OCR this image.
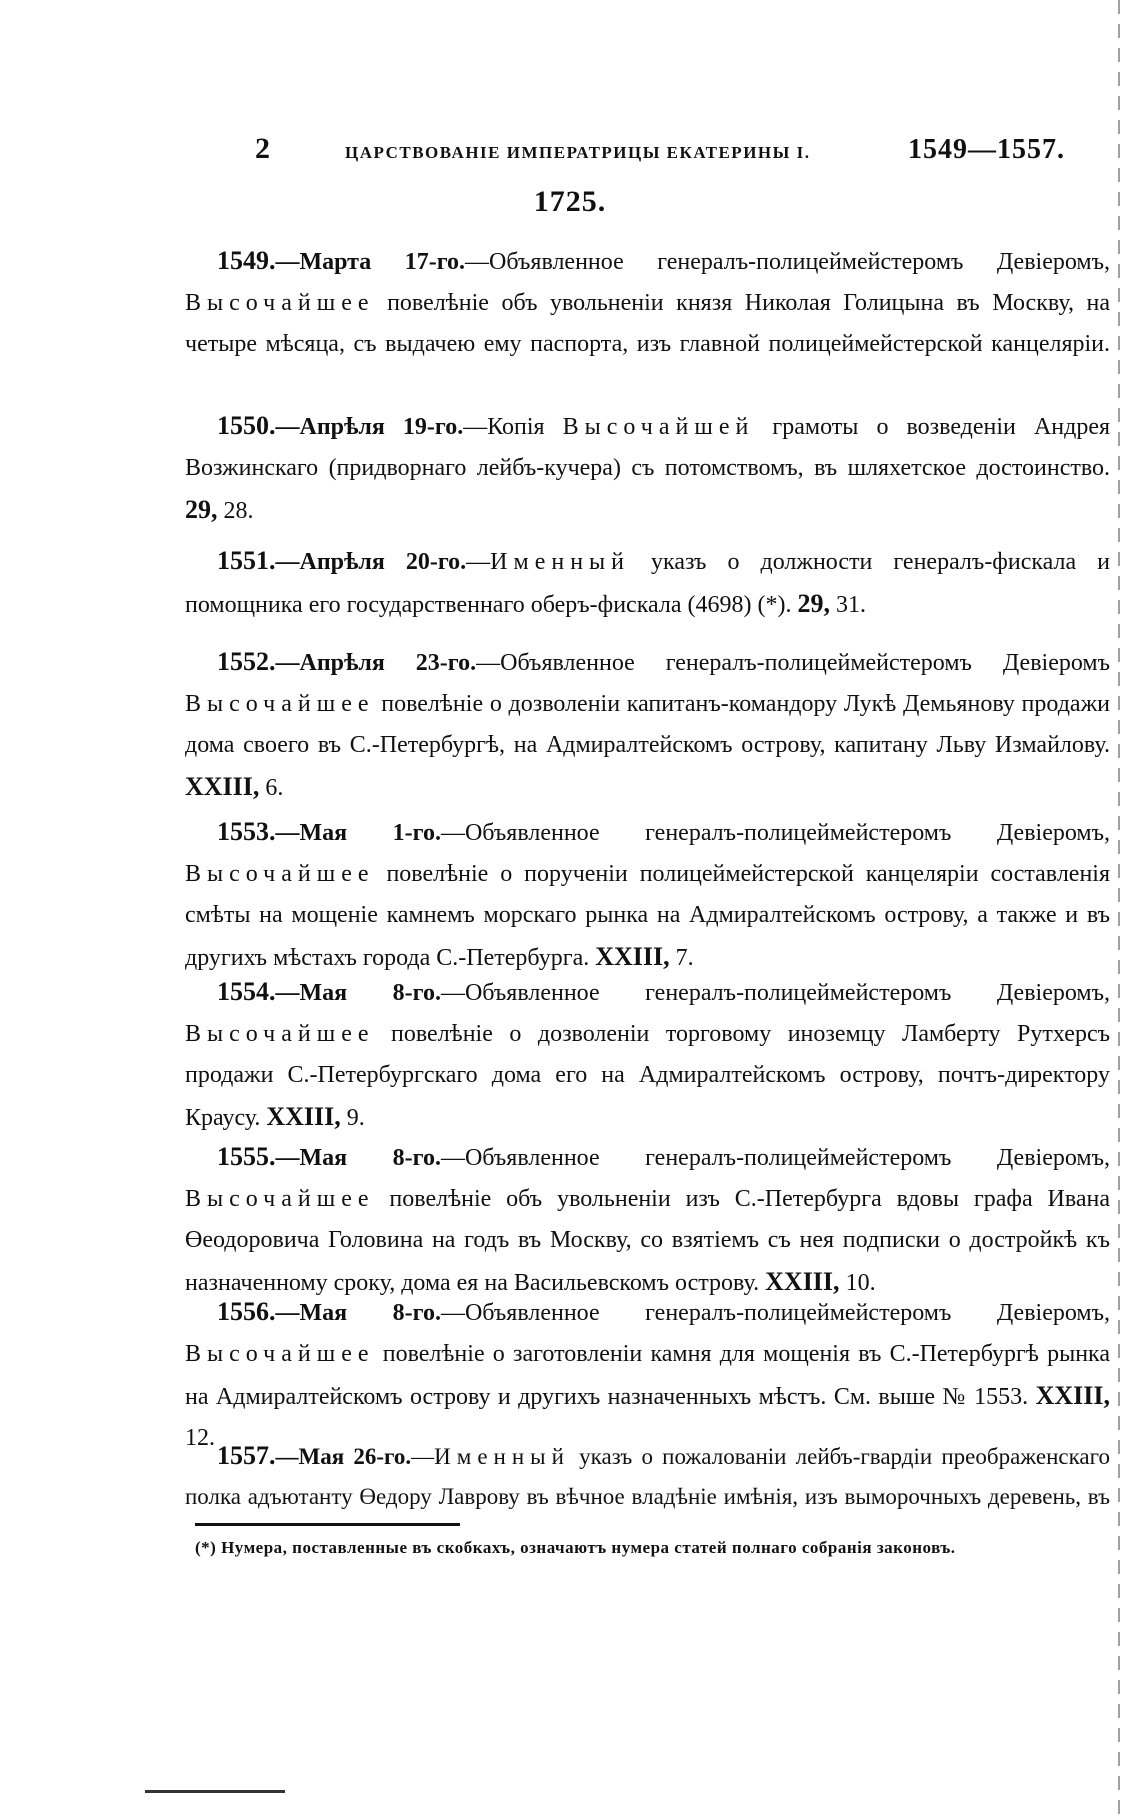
2	ЦАРСТВОВАНІЕ ИМПЕРАТРИЦЫ ЕКАТЕРИНЫ I.	1549—1557.
1725.

1549.—Марта 17-го.—Объявленное генералъ-полицеймейстеромъ Девіеромъ, Высочайшее повелѣніе объ увольненіи князя Николая Голицына въ Москву, на четыре мѣсяца, съ выдачею ему паспорта, изъ главной полицеймейстерской канцеляріи.

1550.—Апрѣля 19-го.—Копія Высочайшей грамоты о возведеніи Андрея Возжинскаго (придворнаго лейбъ-кучера) съ потомствомъ, въ шляхетское достоинство. 29, 28.

1551.—Апрѣля 20-го.—Именный указъ о должности генералъ-фискала и помощника его государственнаго оберъ-фискала (4698) (*). 29, 31.

1552.—Апрѣля 23-го.—Объявленное генералъ-полицеймейстеромъ Девіеромъ Высочайшее повелѣніе о дозволеніи капитанъ-командору Лукѣ Демьянову продажи дома своего въ С.-Петербургѣ, на Адмиралтейскомъ острову, капитану Льву Измайлову. XXIII, 6.

1553.—Мая 1-го.—Объявленное генералъ-полицеймейстеромъ Девіеромъ, Высочайшее повелѣніе о порученіи полицеймейстерской канцеляріи составленія смѣты на мощеніе камнемъ морскаго рынка на Адмиралтейскомъ острову, а также и въ другихъ мѣстахъ города С.-Петербурга. XXIII, 7.

1554.—Мая 8-го.—Объявленное генералъ-полицеймейстеромъ Девіеромъ, Высочайшее повелѣніе о дозволеніи торговому иноземцу Ламберту Рутхерсъ продажи С.-Петербургскаго дома его на Адмиралтейскомъ острову, почтъ-директору Краусу. XXIII, 9.

1555.—Мая 8-го.—Объявленное генералъ-полицеймейстеромъ Девіеромъ, Высочайшее повелѣніе объ увольненіи изъ С.-Петербурга вдовы графа Ивана Өеодоровича Головина на годъ въ Москву, со взятіемъ съ нея подписки о достройкѣ къ назначенному сроку, дома ея на Васильевскомъ острову. XXIII, 10.

1556.—Мая 8-го.—Объявленное генералъ-полицеймейстеромъ Девіеромъ, Высочайшее повелѣніе о заготовленіи камня для мощенія въ С.-Петербургѣ рынка на Адмиралтейскомъ острову и другихъ назначенныхъ мѣстъ. См. выше № 1553. XXIII, 12.

1557.—Мая 26-го.—Именный указъ о пожалованіи лейбъ-гвардіи преображенскаго полка адъютанту Өедору Лаврову въ вѣчное владѣніе имѣнія, изъ выморочныхъ деревень, въ

(*) Нумера, поставленные въ скобкахъ, означаютъ нумера статей полнаго собранія законовъ.
